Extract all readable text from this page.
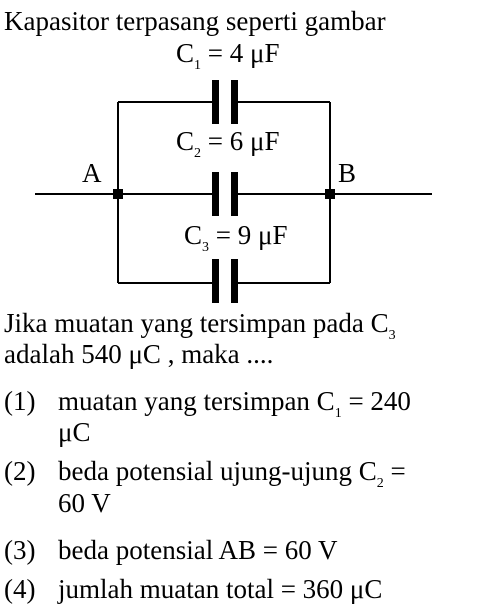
Kapasitor terpasang seperti gambar
$C_1 = 4$ μF
$C_2 = 6$ μF
$C_3 = 9$ μF
A	B
Jika muatan yang tersimpan pada $C_3$
adalah 540 μC , maka ....
(1) muatan yang tersimpan $C_1 = 240$
μC
(2) beda potensial ujung-ujung $C_2$ =
60 V
(3) beda potensial AB = 60 V
(4) jumlah muatan total = 360 μC
